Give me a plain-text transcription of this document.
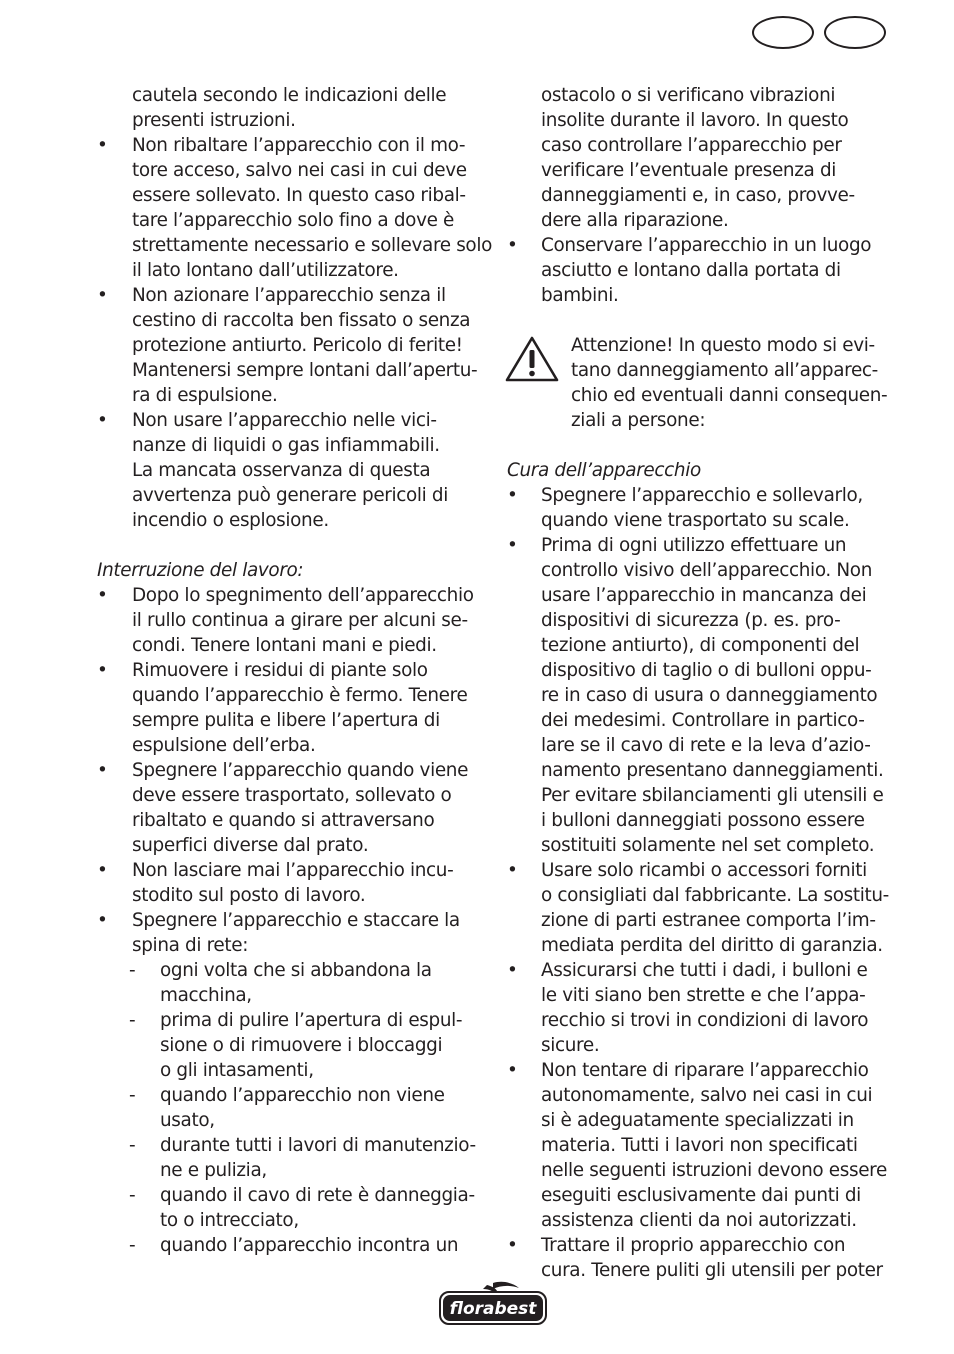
cautela secondo le indicazioni delle
presenti istruzioni.
• Non ribaltare l’apparecchio con il mo-
tore acceso, salvo nei casi in cui deve
essere sollevato. In questo caso ribal-
tare l’apparecchio solo fino a dove è
strettamente necessario e sollevare solo
il lato lontano dall’utilizzatore.
• Non azionare l’apparecchio senza il
cestino di raccolta ben fissato o senza
protezione antiurto. Pericolo di ferite!
Mantenersi sempre lontani dall’apertu-
ra di espulsione.
• Non usare l’apparecchio nelle vici-
nanze di liquidi o gas infiammabili.
La mancata osservanza di questa
avvertenza può generare pericoli di
incendio o esplosione.
Interruzione del lavoro:
• Dopo lo spegnimento dell’apparecchio
il rullo continua a girare per alcuni se-
condi. Tenere lontani mani e piedi.
• Rimuovere i residui di piante solo
quando l’apparecchio è fermo. Tenere
sempre pulita e libere l’apertura di
espulsione dell’erba.
• Spegnere l’apparecchio quando viene
deve essere trasportato, sollevato o
ribaltato e quando si attraversano
superfici diverse dal prato.
• Non lasciare mai l’apparecchio incu-
stodito sul posto di lavoro.
• Spegnere l’apparecchio e staccare la
spina di rete:
- ogni volta che si abbandona la
macchina,
- prima di pulire l’apertura di espul-
sione o di rimuovere i bloccaggi
o gli intasamenti,
- quando l’apparecchio non viene
usato,
- durante tutti i lavori di manutenzio-
ne e pulizia,
- quando il cavo di rete è danneggia-
to o intrecciato,
- quando l’apparecchio incontra un
ostacolo o si verificano vibrazioni
insolite durante il lavoro. In questo
caso controllare l’apparecchio per
verificare l’eventuale presenza di
danneggiamenti e, in caso, provve-
dere alla riparazione.
• Conservare l’apparecchio in un luogo
asciutto e lontano dalla portata di
bambini.
Attenzione! In questo modo si evi-
tano danneggiamento all’apparec-
chio ed eventuali danni consequen-
ziali a persone:
Cura dell’apparecchio
• Spegnere l’apparecchio e sollevarlo,
quando viene trasportato su scale.
• Prima di ogni utilizzo effettuare un
controllo visivo dell’apparecchio. Non
usare l’apparecchio in mancanza dei
dispositivi di sicurezza (p. es. pro-
tezione antiurto), di componenti del
dispositivo di taglio o di bulloni oppu-
re in caso di usura o danneggiamento
dei medesimi. Controllare in partico-
lare se il cavo di rete e la leva d’azio-
namento presentano danneggiamenti.
Per evitare sbilanciamenti gli utensili e
i bulloni danneggiati possono essere
sostituiti solamente nel set completo.
• Usare solo ricambi o accessori forniti
o consigliati dal fabbricante. La sostitu-
zione di parti estranee comporta l’im-
mediata perdita del diritto di garanzia.
• Assicurarsi che tutti i dadi, i bulloni e
le viti siano ben strette e che l’appa-
recchio si trovi in condizioni di lavoro
sicure.
• Non tentare di riparare l’apparecchio
autonomamente, salvo nei casi in cui
si è adeguatamente specializzati in
materia. Tutti i lavori non specificati
nelle seguenti istruzioni devono essere
eseguiti esclusivamente dai punti di
assistenza clienti da noi autorizzati.
• Trattare il proprio apparecchio con
cura. Tenere puliti gli utensili per poter
florabest
